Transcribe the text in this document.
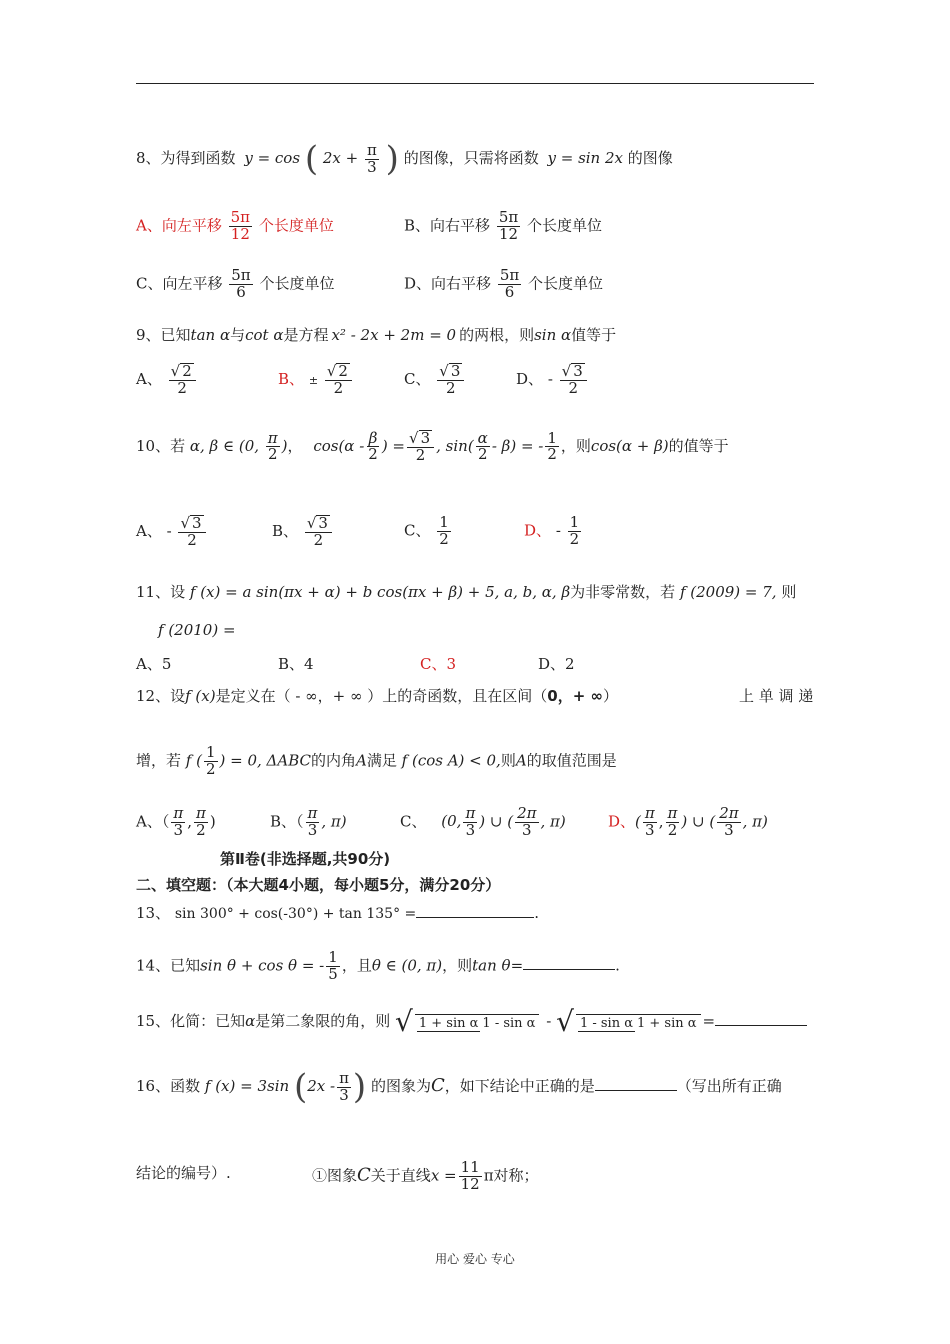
8、为得到函数 y = cos ( $2x + \frac{\pi}{3}$ ) 的图像，只需将函数 y = sin 2x 的图像
A、向左平移 $\frac{5\pi}{12}$ 个长度单位	B、向右平移 $\frac{5\pi}{12}$ 个长度单位
C、向左平移 $\frac{5\pi}{6}$ 个长度单位	D、向右平移 $\frac{5\pi}{6}$ 个长度单位
9、已知tan α与cot α是方程 x² - 2x + 2m = 0 的两根，则sin α值等于
A、 $\frac{√ 2}{2}$	B、 ± $\frac{√ 2}{2}$	C、 $\frac{√ 3}{2}$	D、 - $\frac{√ 3}{2}$
10、若 α, β ∈ (0, $\frac{\pi}{2}$ )， $\cos(\alpha - \frac{\beta}{2}$ ) = $\frac{√ 3}{2}$ , $\sin( \frac{\alpha}{2} - \beta)$ = - $\frac{1}{2}$ ，则cos(α + β)的值等于
A、 - $\frac{√ 3}{2}$	B、 $\frac{√ 3}{2}$	C、 $\frac{1}{2}$	D、 - $\frac{1}{2}$
11、设 f (x) = a sin(πx + α) + b cos(πx + β) + 5, a, b, α, β为非零常数，若 f (2009) = 7, 则
f (2010) =
A、5	B、4	C、3	D、2
12、设f (x)是定义在（ - ∞，+ ∞ ）上的奇函数，且在区间（0，+ ∞）	上 单 调 递
增，若 f ( $\frac{1}{2}$ ) = 0, ΔABC的内角A满足 f (cos A) < 0,则A的取值范围是
A、（ $\frac{\pi}{3}$ , $\frac{\pi}{2}$ )	B、（ $\frac{\pi}{3}$ , π)	C、 (0, $\frac{\pi}{3}$ ) ∪ ( $\frac{2\pi}{3}$ , π)	D、( $\frac{\pi}{3}$ , $\frac{\pi}{2}$ ) ∪ ( $\frac{2\pi}{3}$ , π)
第Ⅱ卷(非选择题,共90分)
二、填空题：（本大题4小题，每小题5分，满分20分）
13、 sin 300° + cos(-30°) + tan 135° =	.
14、已知sin θ + cos θ = - $\frac{1}{5}$ ，且θ ∈ (0, π)，则tan θ=	.
15、化简：已知α是第二象限的角，则 √ 1 + sin α 1 - sin α - √ 1 - sin α 1 + sin α =
16、函数 f (x) = 3sin ($2x - \frac{\pi}{3}$ ) 的图象为C，如下结论中正确的是	（写出所有正确
结论的编号）.	①图象C关于直线$x = \frac{11}{12}$ π对称；
用心 爱心 专心
